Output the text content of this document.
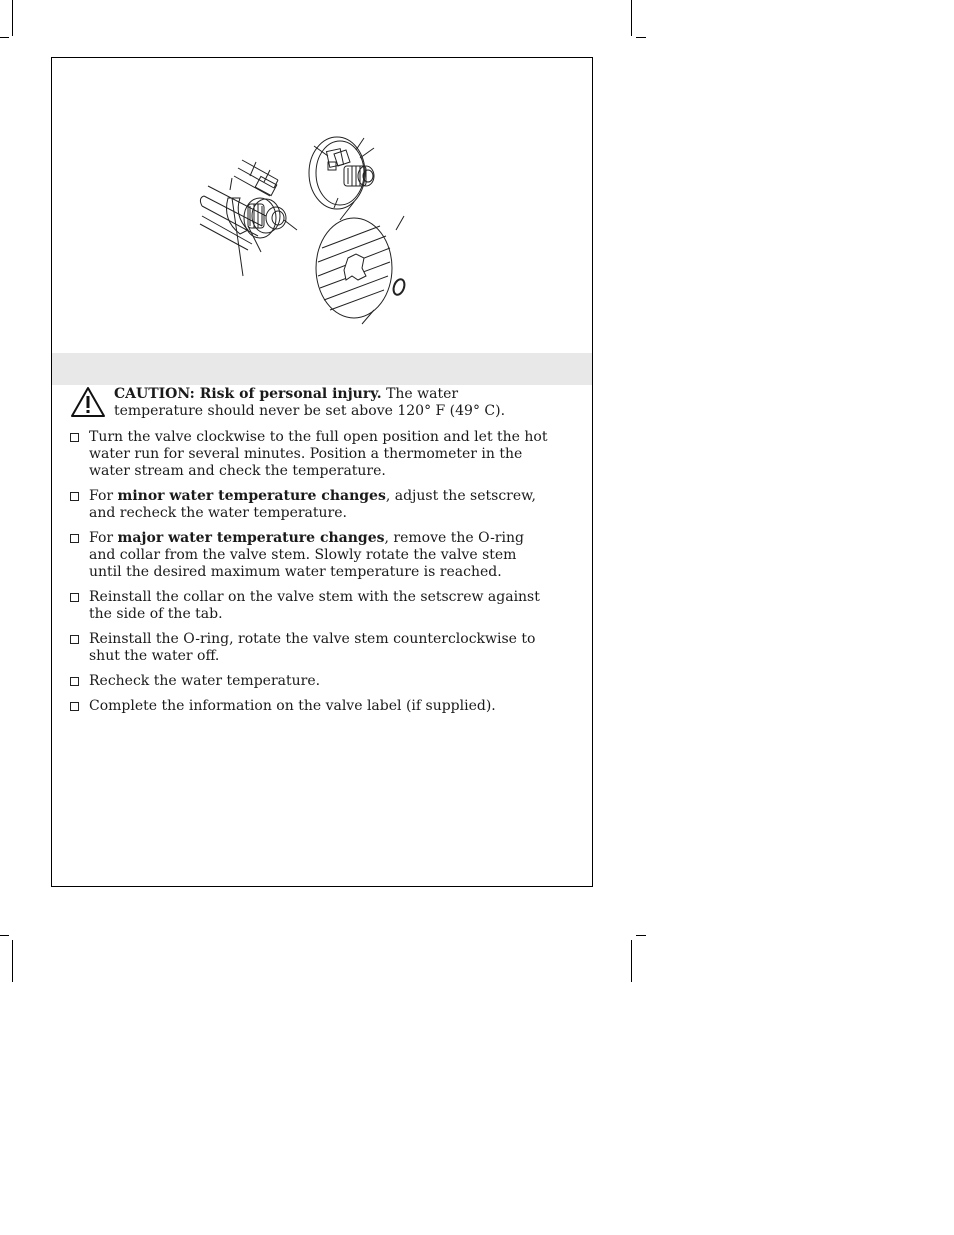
CAUTION: Risk of personal injury. The water temperature should never be set above 120° F (49° C).
Turn the valve clockwise to the full open position and let the hot water run for several minutes. Position a thermometer in the water stream and check the temperature.
For minor water temperature changes, adjust the setscrew, and recheck the water temperature.
For major water temperature changes, remove the O-ring and collar from the valve stem. Slowly rotate the valve stem until the desired maximum water temperature is reached.
Reinstall the collar on the valve stem with the setscrew against the side of the tab.
Reinstall the O-ring, rotate the valve stem counterclockwise to shut the water off.
Recheck the water temperature.
Complete the information on the valve label (if supplied).
